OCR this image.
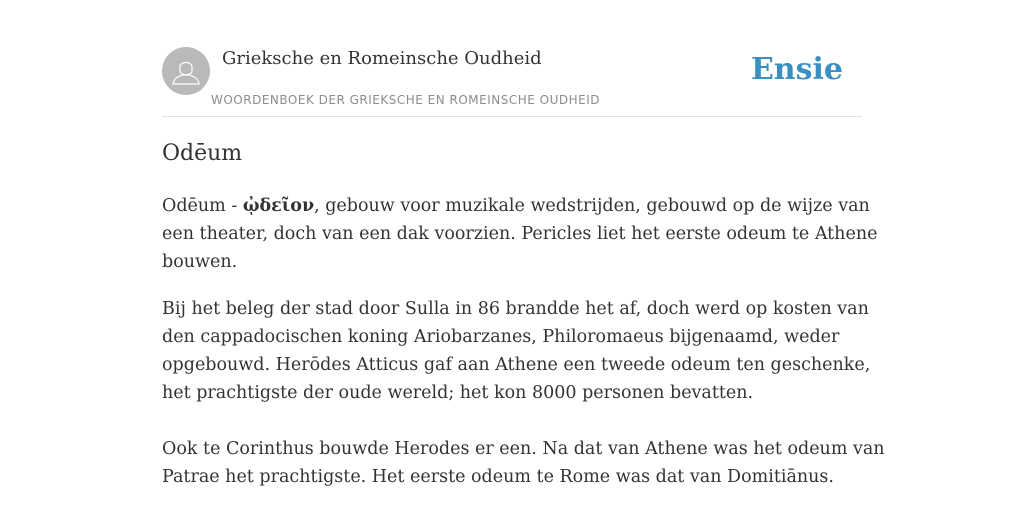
Grieksche en Romeinsche Oudheid
WOORDENBOEK DER GRIEKSCHE EN ROMEINSCHE OUDHEID
Ensie
Odēum

Odēum - ᾠδεῖον, gebouw voor muzikale wedstrijden, gebouwd op de wijze van
een theater, doch van een dak voorzien. Pericles liet het eerste odeum te Athene
bouwen.

Bij het beleg der stad door Sulla in 86 brandde het af, doch werd op kosten van
den cappadocischen koning Ariobarzanes, Philoromaeus bijgenaamd, weder
opgebouwd. Herōdes Atticus gaf aan Athene een tweede odeum ten geschenke,
het prachtigste der oude wereld; het kon 8000 personen bevatten.

Ook te Corinthus bouwde Herodes er een. Na dat van Athene was het odeum van
Patrae het prachtigste. Het eerste odeum te Rome was dat van Domitiānus.
